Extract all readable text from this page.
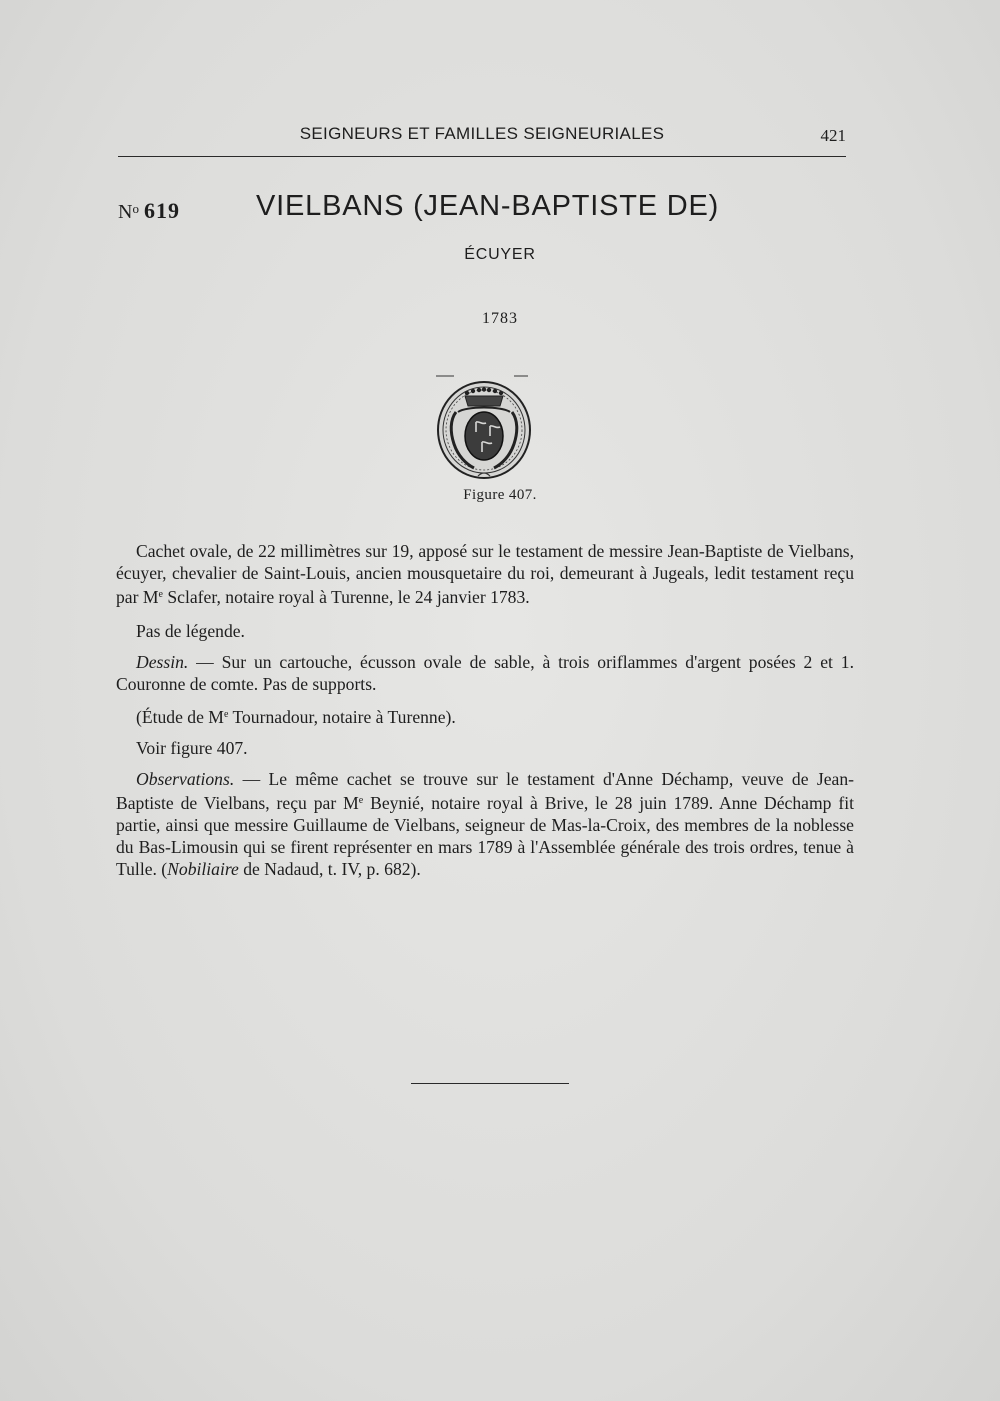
SEIGNEURS ET FAMILLES SEIGNEURIALES	421
$N^o$ 619	VIELBANS (JEAN-BAPTISTE DE)
ÉCUYER
1783
Figure 407.

Cachet ovale, de 22 millimètres sur 19, apposé sur le testament de messire Jean-Baptiste de Vielbans, écuyer, chevalier de Saint-Louis, ancien mousquetaire du roi, demeurant à Jugeals, ledit testament reçu par Me Sclafer, notaire royal à Turenne, le 24 janvier 1783.

Pas de légende.

Dessin. — Sur un cartouche, écusson ovale de sable, à trois oriflammes d'argent posées 2 et 1. Couronne de comte. Pas de supports.

(Étude de Me Tournadour, notaire à Turenne).

Voir figure 407.

Observations. — Le même cachet se trouve sur le testament d'Anne Déchamp, veuve de Jean-Baptiste de Vielbans, reçu par Me Beynié, notaire royal à Brive, le 28 juin 1789. Anne Déchamp fit partie, ainsi que messire Guillaume de Vielbans, seigneur de Mas-la-Croix, des membres de la noblesse du Bas-Limousin qui se firent représenter en mars 1789 à l'Assemblée générale des trois ordres, tenue à Tulle. (Nobiliaire de Nadaud, t. IV, p. 682).
